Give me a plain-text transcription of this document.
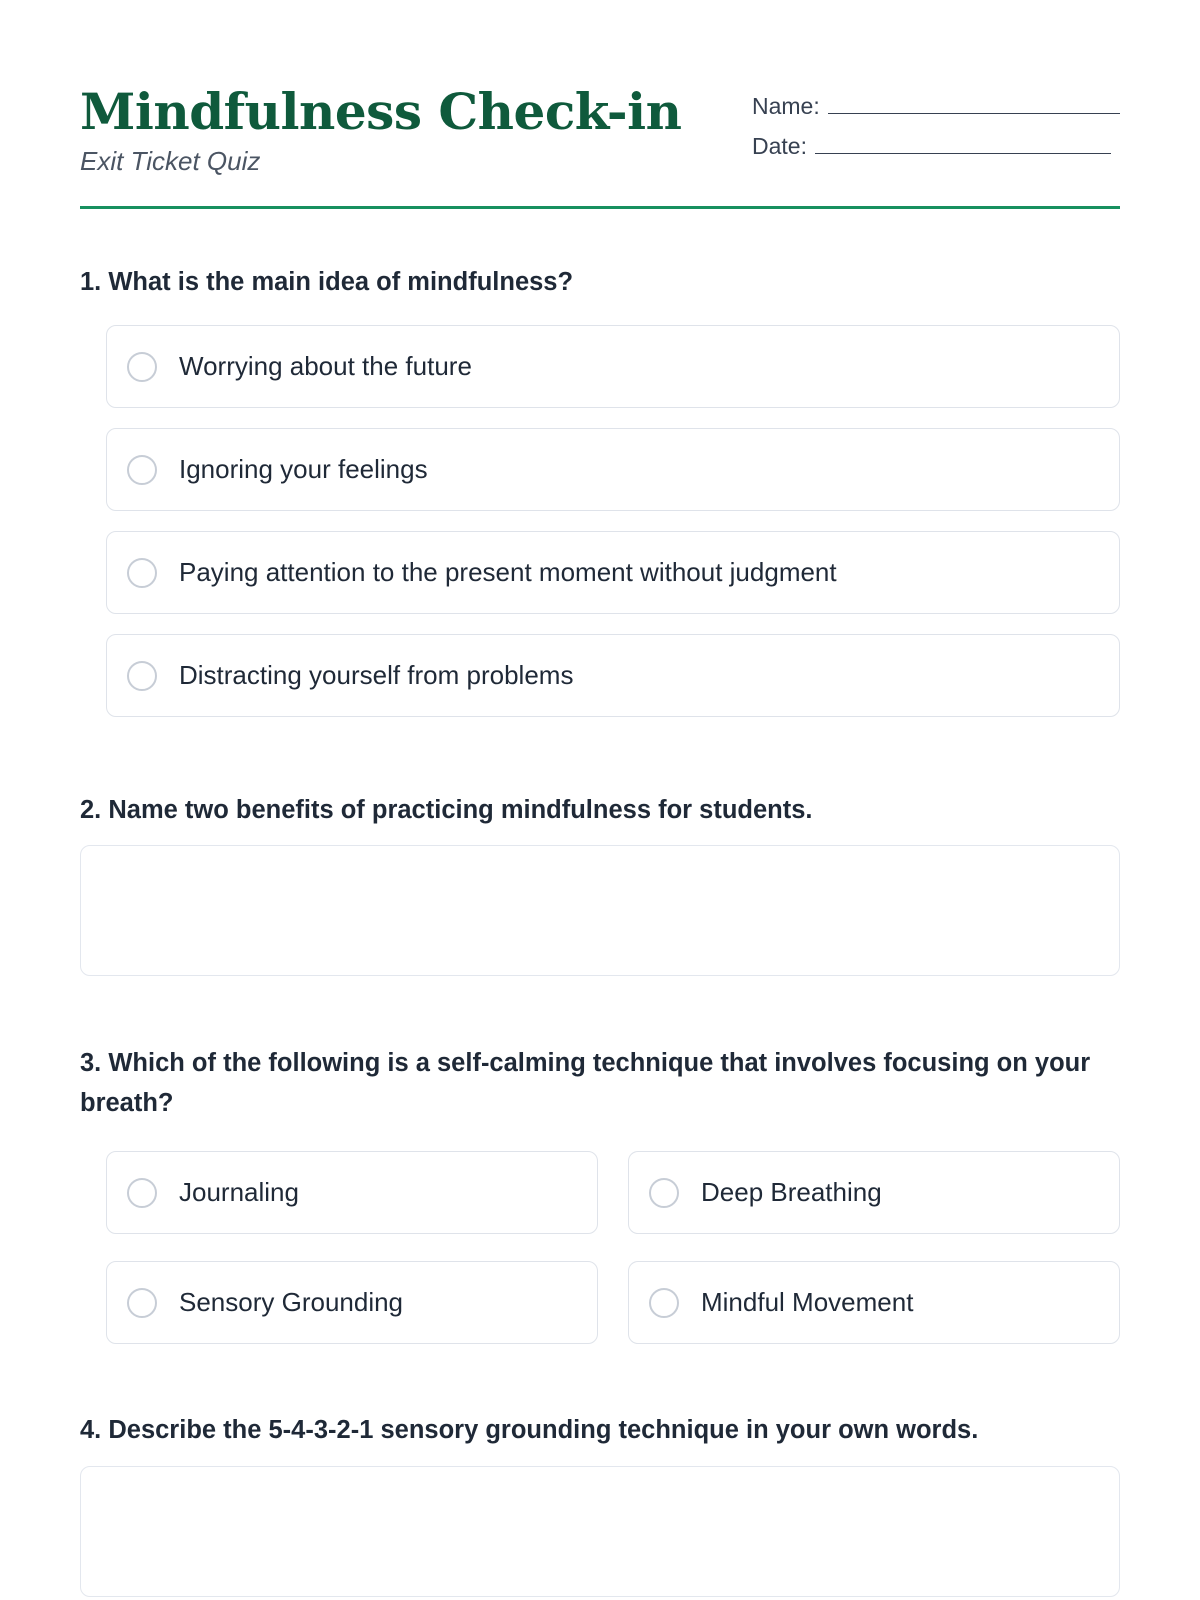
Mindfulness Check-in
Exit Ticket Quiz
Name:
Date:
1. What is the main idea of mindfulness?
Worrying about the future
Ignoring your feelings
Paying attention to the present moment without judgment
Distracting yourself from problems
2. Name two benefits of practicing mindfulness for students.
3. Which of the following is a self-calming technique that involves focusing on your breath?
Journaling	Deep Breathing
Sensory Grounding	Mindful Movement
4. Describe the 5-4-3-2-1 sensory grounding technique in your own words.
